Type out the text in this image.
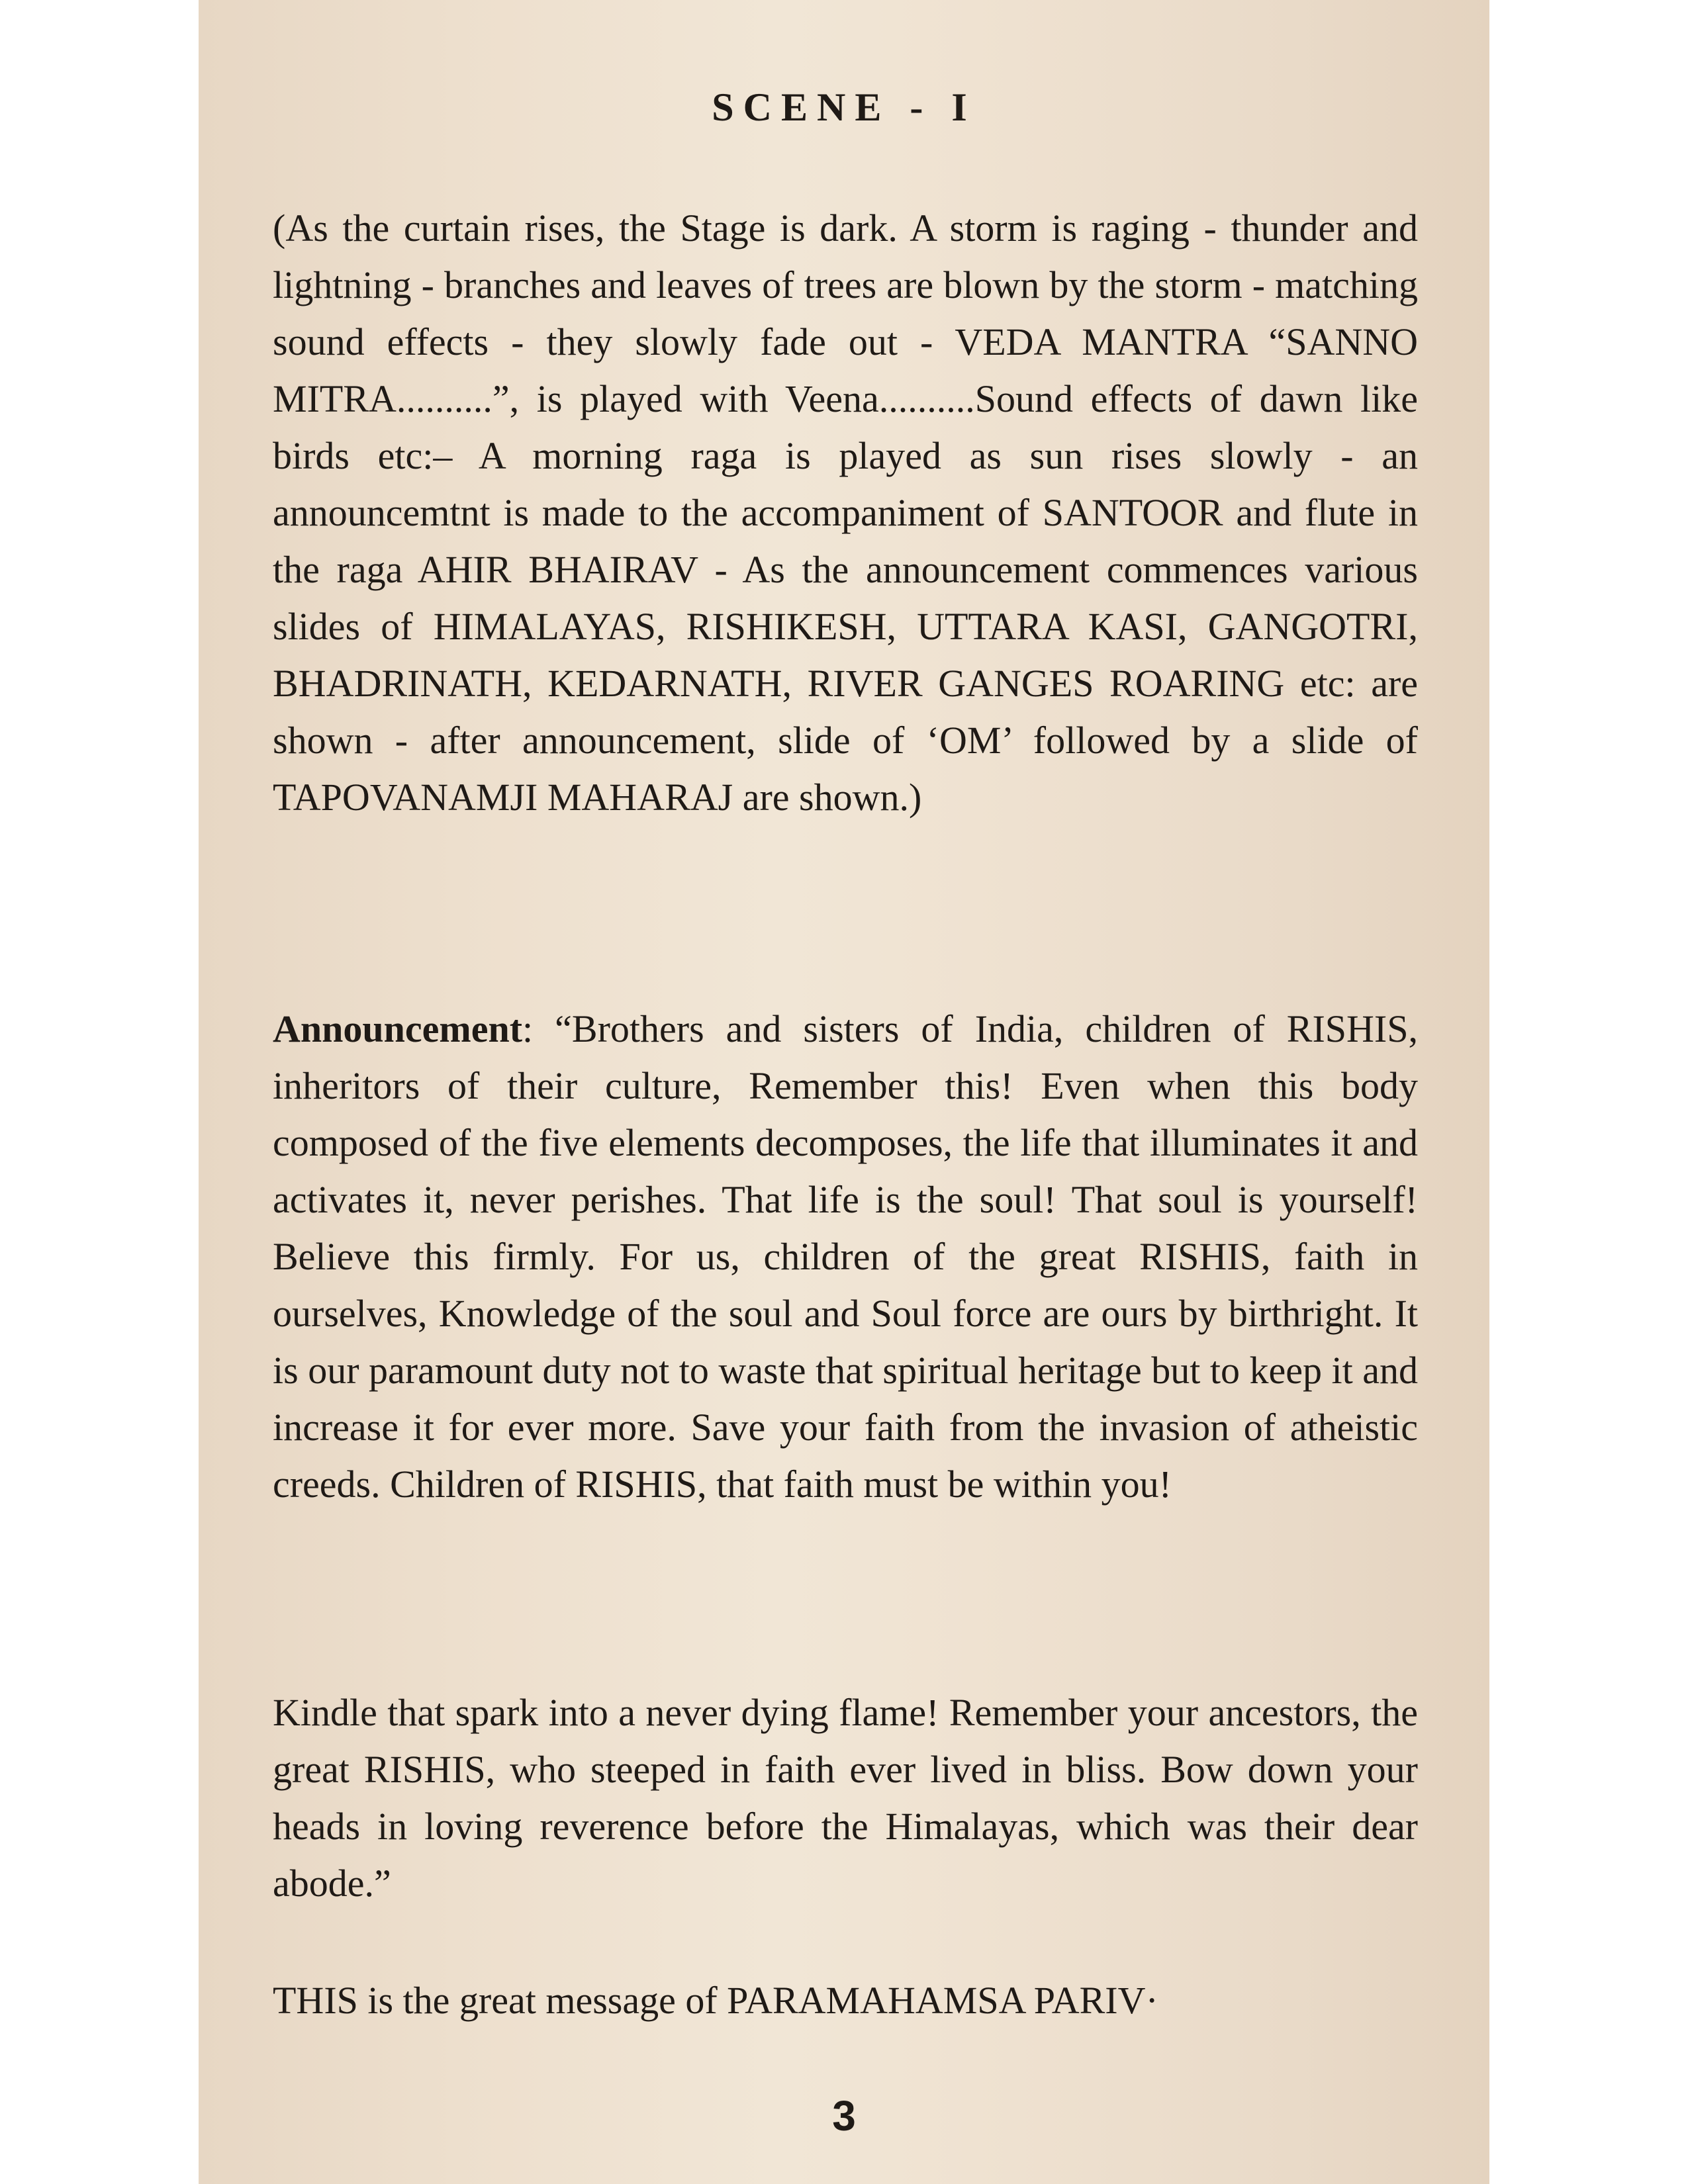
SCENE - I

(As the curtain rises, the Stage is dark. A storm is raging - thunder and lightning - branches and leaves of trees are blown by the storm - matching sound effects - they slowly fade out - VEDA MANTRA “SANNO MITRA..........”, is played with Veena..........Sound effects of dawn like birds etc:– A morning raga is played as sun rises slowly - an announcemtnt is made to the accompaniment of SANTOOR and flute in the raga AHIR BHAIRAV - As the announcement commences various slides of HIMALAYAS, RISHIKESH, UTTARA KASI, GANGOTRI, BHADRINATH, KEDARNATH, RIVER GANGES ROARING etc: are shown - after announcement, slide of ‘OM’ followed by a slide of TAPOVANAMJI MAHARAJ are shown.)

Announcement: “Brothers and sisters of India, children of RISHIS, inheritors of their culture, Remember this! Even when this body composed of the five elements decomposes, the life that illuminates it and activates it, never perishes. That life is the soul! That soul is yourself! Believe this firmly. For us, children of the great RISHIS, faith in ourselves, Knowledge of the soul and Soul force are ours by birthright. It is our paramount duty not to waste that spiritual heritage but to keep it and increase it for ever more. Save your faith from the invasion of atheistic creeds. Children of RISHIS, that faith must be within you!

Kindle that spark into a never dying flame! Remember your ancestors, the great RISHIS, who steeped in faith ever lived in bliss. Bow down your heads in loving reverence before the Himalayas, which was their dear abode.”

THIS is the great message of PARAMAHAMSA PARIV·

3
